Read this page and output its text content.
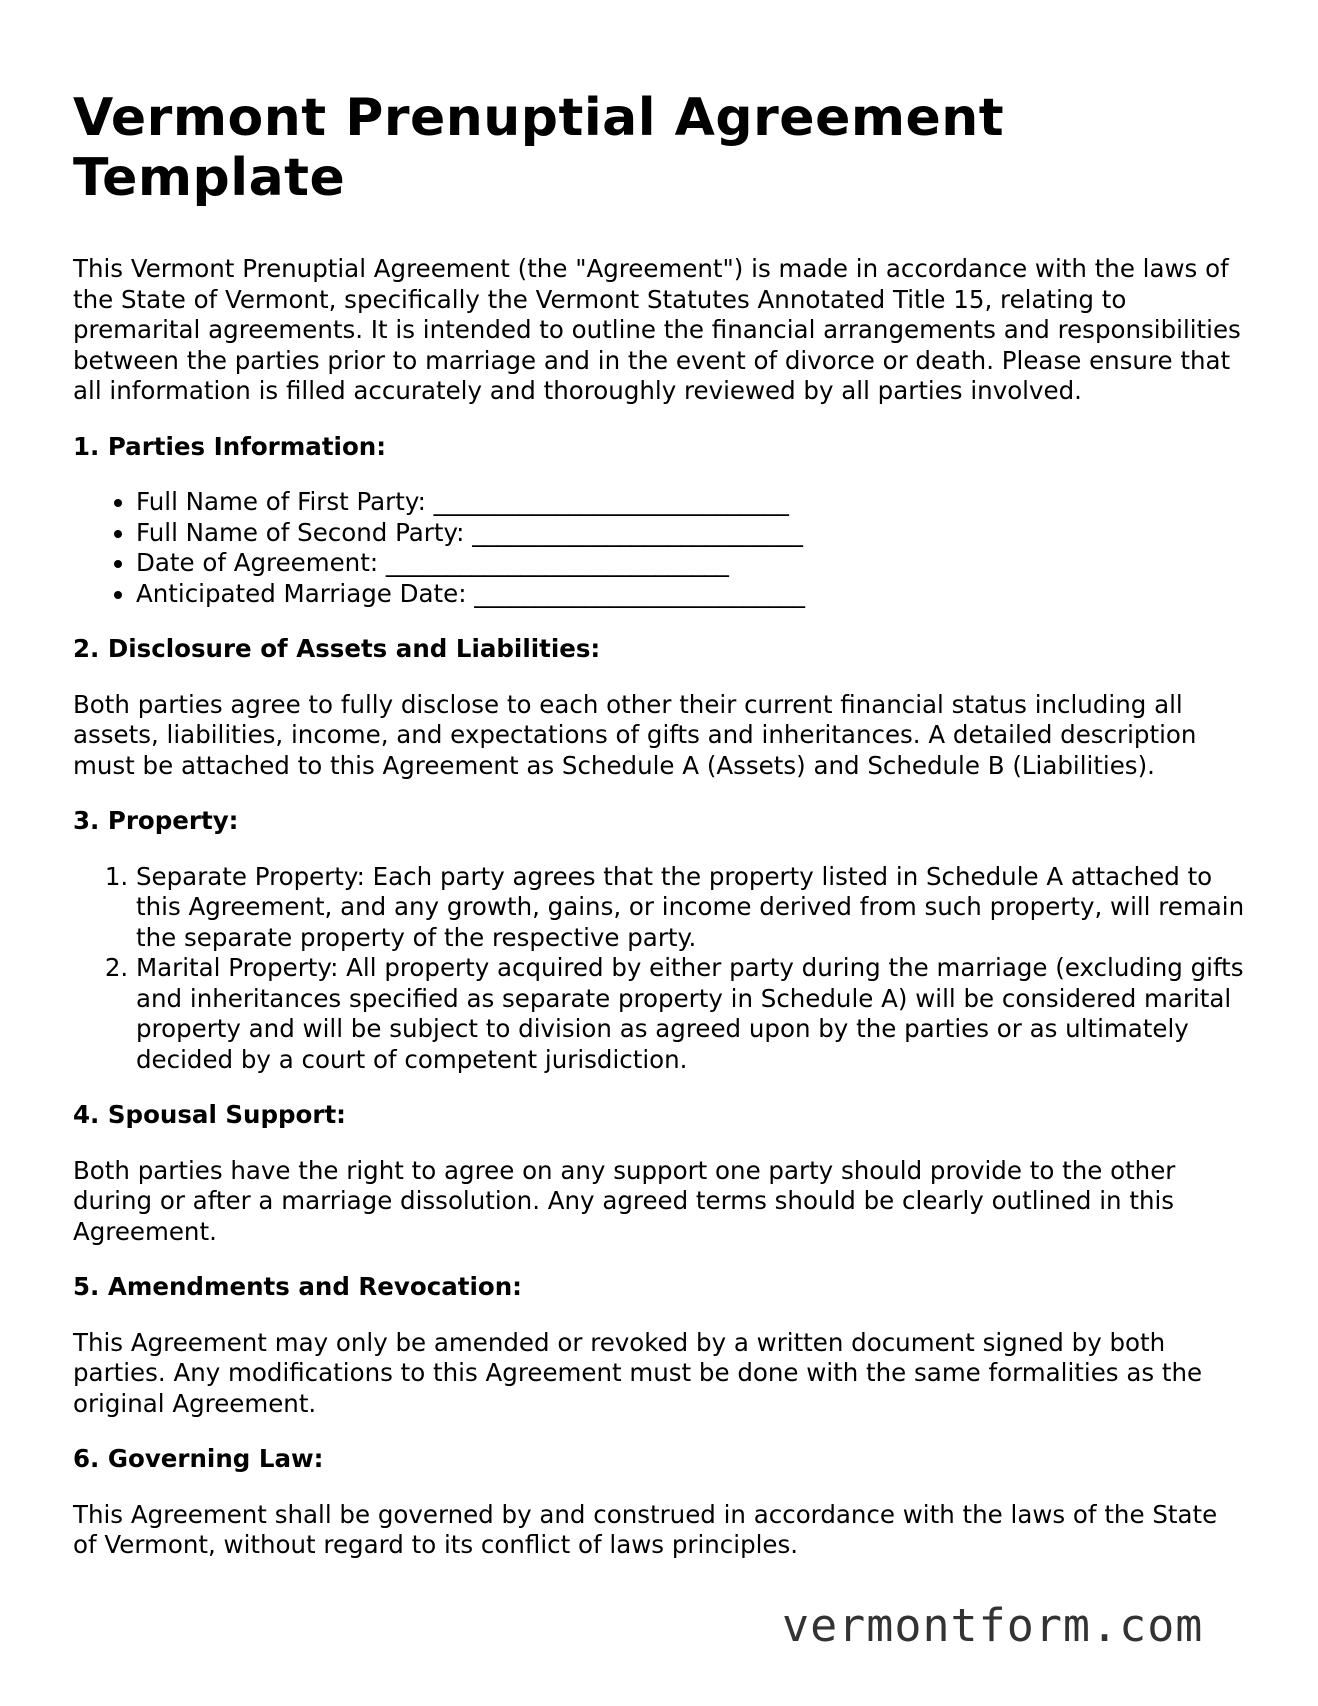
Vermont Prenuptial Agreement Template

This Vermont Prenuptial Agreement (the "Agreement") is made in accordance with the laws of the State of Vermont, specifically the Vermont Statutes Annotated Title 15, relating to premarital agreements. It is intended to outline the financial arrangements and responsibilities between the parties prior to marriage and in the event of divorce or death. Please ensure that all information is filled accurately and thoroughly reviewed by all parties involved.

1. Parties Information:
• Full Name of First Party: _____________________________
• Full Name of Second Party: ___________________________
• Date of Agreement: ____________________________
• Anticipated Marriage Date: ___________________________
2. Disclosure of Assets and Liabilities:

Both parties agree to fully disclose to each other their current financial status including all assets, liabilities, income, and expectations of gifts and inheritances. A detailed description must be attached to this Agreement as Schedule A (Assets) and Schedule B (Liabilities).

3. Property:
1. Separate Property: Each party agrees that the property listed in Schedule A attached to this Agreement, and any growth, gains, or income derived from such property, will remain the separate property of the respective party.
2. Marital Property: All property acquired by either party during the marriage (excluding gifts and inheritances specified as separate property in Schedule A) will be considered marital property and will be subject to division as agreed upon by the parties or as ultimately decided by a court of competent jurisdiction.
4. Spousal Support:

Both parties have the right to agree on any support one party should provide to the other during or after a marriage dissolution. Any agreed terms should be clearly outlined in this Agreement.

5. Amendments and Revocation:

This Agreement may only be amended or revoked by a written document signed by both parties. Any modifications to this Agreement must be done with the same formalities as the original Agreement.

6. Governing Law:

This Agreement shall be governed by and construed in accordance with the laws of the State of Vermont, without regard to its conflict of laws principles.

vermontform.com
